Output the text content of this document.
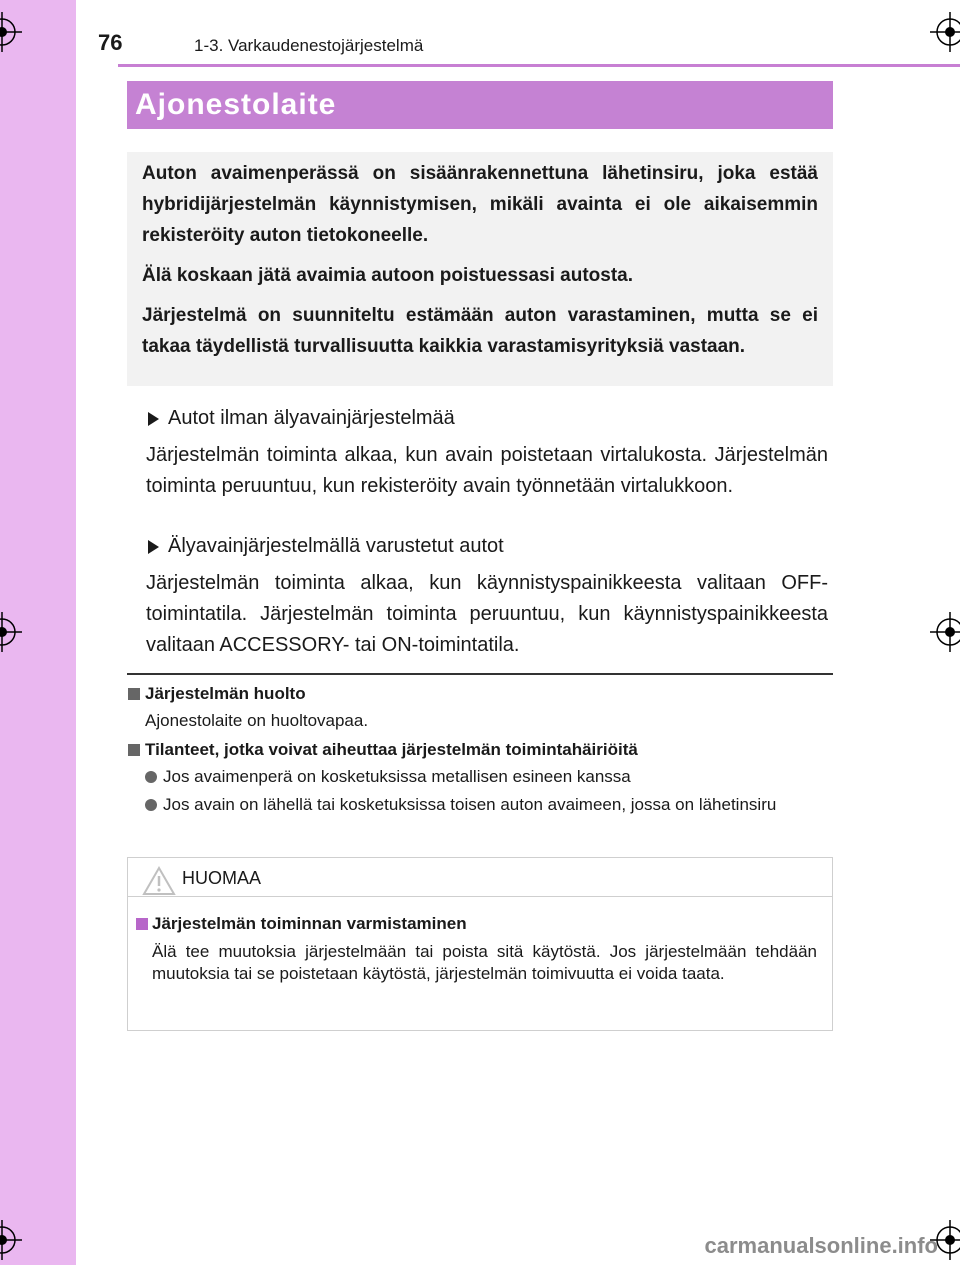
76	1-3. Varkaudenestojärjestelmä
Ajonestolaite

Auton avaimenperässä on sisäänrakennettuna lähetinsiru, joka estää hybridijärjestelmän käynnistymisen, mikäli avainta ei ole aikaisemmin rekisteröity auton tietokoneelle.

Älä koskaan jätä avaimia autoon poistuessasi autosta.

Järjestelmä on suunniteltu estämään auton varastaminen, mutta se ei takaa täydellistä turvallisuutta kaikkia varastamisyrityksiä vastaan.

Autot ilman älyavainjärjestelmää
Järjestelmän toiminta alkaa, kun avain poistetaan virtalukosta. Järjestelmän toiminta peruuntuu, kun rekisteröity avain työnnetään virtalukkoon.
Älyavainjärjestelmällä varustetut autot
Järjestelmän toiminta alkaa, kun käynnistyspainikkeesta valitaan OFF-toimintatila. Järjestelmän toiminta peruuntuu, kun käynnistyspainikkeesta valitaan ACCESSORY- tai ON-toimintatila.
Järjestelmän huolto
Ajonestolaite on huoltovapaa.
Tilanteet, jotka voivat aiheuttaa järjestelmän toimintahäiriöitä
Jos avaimenperä on kosketuksissa metallisen esineen kanssa
Jos avain on lähellä tai kosketuksissa toisen auton avaimeen, jossa on lähetinsiru
HUOMAA
Järjestelmän toiminnan varmistaminen
Älä tee muutoksia järjestelmään tai poista sitä käytöstä. Jos järjestelmään tehdään muutoksia tai se poistetaan käytöstä, järjestelmän toimivuutta ei voida taata.
carmanualsonline.info
